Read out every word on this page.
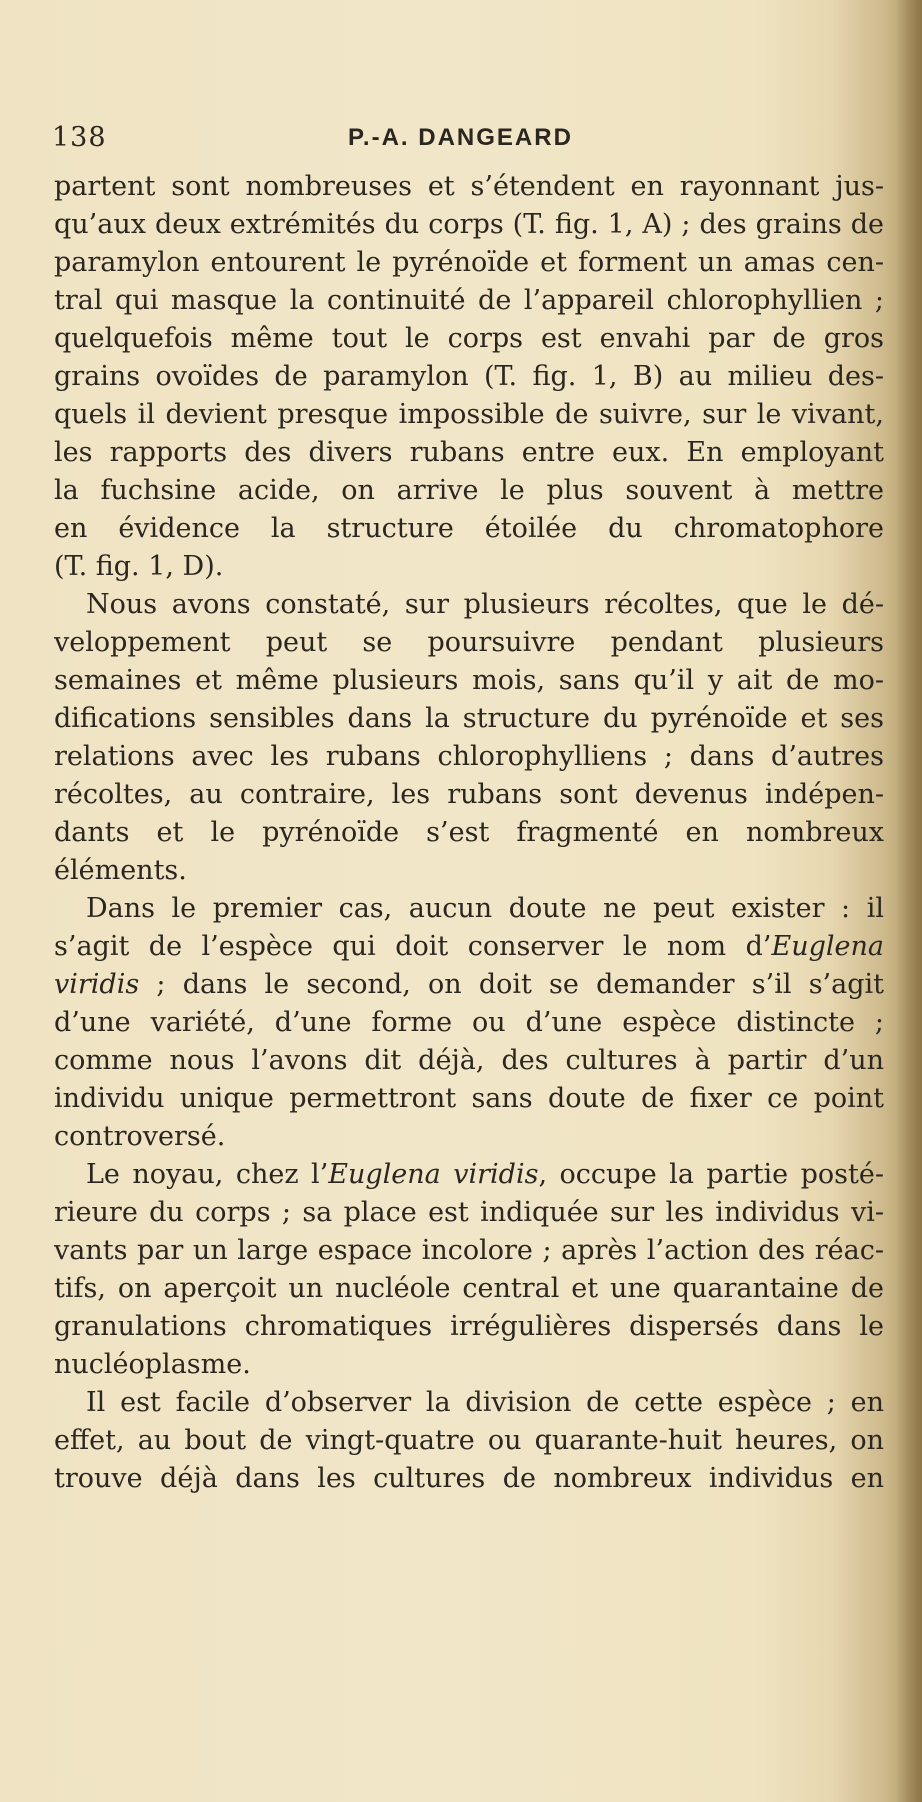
138	P.-A. DANGEARD
partent sont nombreuses et s’étendent en rayonnant jus-
qu’aux deux extrémités du corps (T. fig. 1, A) ; des grains de
paramylon entourent le pyrénoïde et forment un amas cen-
tral qui masque la continuité de l’appareil chlorophyllien ;
quelquefois même tout le corps est envahi par de gros
grains ovoïdes de paramylon (T. fig. 1, B) au milieu des-
quels il devient presque impossible de suivre, sur le vivant,
les rapports des divers rubans entre eux. En employant
la fuchsine acide, on arrive le plus souvent à mettre
en évidence la structure étoilée du chromatophore
(T. fig. 1, D).
Nous avons constaté, sur plusieurs récoltes, que le dé-
veloppement peut se poursuivre pendant plusieurs
semaines et même plusieurs mois, sans qu’il y ait de mo-
difications sensibles dans la structure du pyrénoïde et ses
relations avec les rubans chlorophylliens ; dans d’autres
récoltes, au contraire, les rubans sont devenus indépen-
dants et le pyrénoïde s’est fragmenté en nombreux
éléments.
Dans le premier cas, aucun doute ne peut exister : il
s’agit de l’espèce qui doit conserver le nom d’Euglena
viridis ; dans le second, on doit se demander s’il s’agit
d’une variété, d’une forme ou d’une espèce distincte ;
comme nous l’avons dit déjà, des cultures à partir d’un
individu unique permettront sans doute de fixer ce point
controversé.
Le noyau, chez l’Euglena viridis, occupe la partie posté-
rieure du corps ; sa place est indiquée sur les individus vi-
vants par un large espace incolore ; après l’action des réac-
tifs, on aperçoit un nucléole central et une quarantaine de
granulations chromatiques irrégulières dispersés dans le
nucléoplasme.
Il est facile d’observer la division de cette espèce ; en
effet, au bout de vingt-quatre ou quarante-huit heures, on
trouve déjà dans les cultures de nombreux individus en
